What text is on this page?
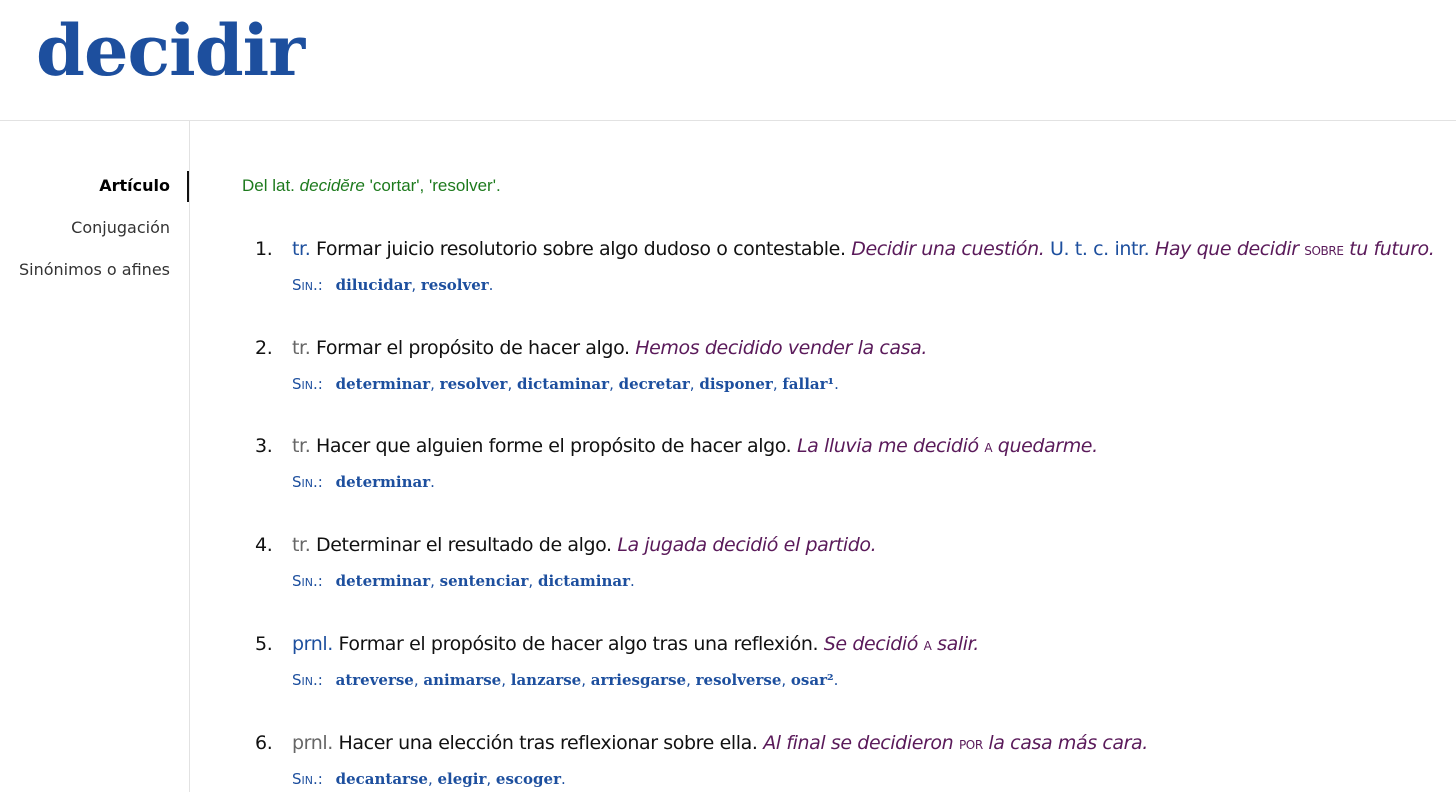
decidir
Artículo
Conjugación
Sinónimos o afines
Del lat. decidĕre 'cortar', 'resolver'.
1. tr. Formar juicio resolutorio sobre algo dudoso o contestable. Decidir una cuestión. U. t. c. intr. Hay que decidir sobre tu futuro.
Sin.: dilucidar, resolver.
2. tr. Formar el propósito de hacer algo. Hemos decidido vender la casa.
Sin.: determinar, resolver, dictaminar, decretar, disponer, fallar¹.
3. tr. Hacer que alguien forme el propósito de hacer algo. La lluvia me decidió a quedarme.
Sin.: determinar.
4. tr. Determinar el resultado de algo. La jugada decidió el partido.
Sin.: determinar, sentenciar, dictaminar.
5. prnl. Formar el propósito de hacer algo tras una reflexión. Se decidió a salir.
Sin.: atreverse, animarse, lanzarse, arriesgarse, resolverse, osar².
6. prnl. Hacer una elección tras reflexionar sobre ella. Al final se decidieron por la casa más cara.
Sin.: decantarse, elegir, escoger.
